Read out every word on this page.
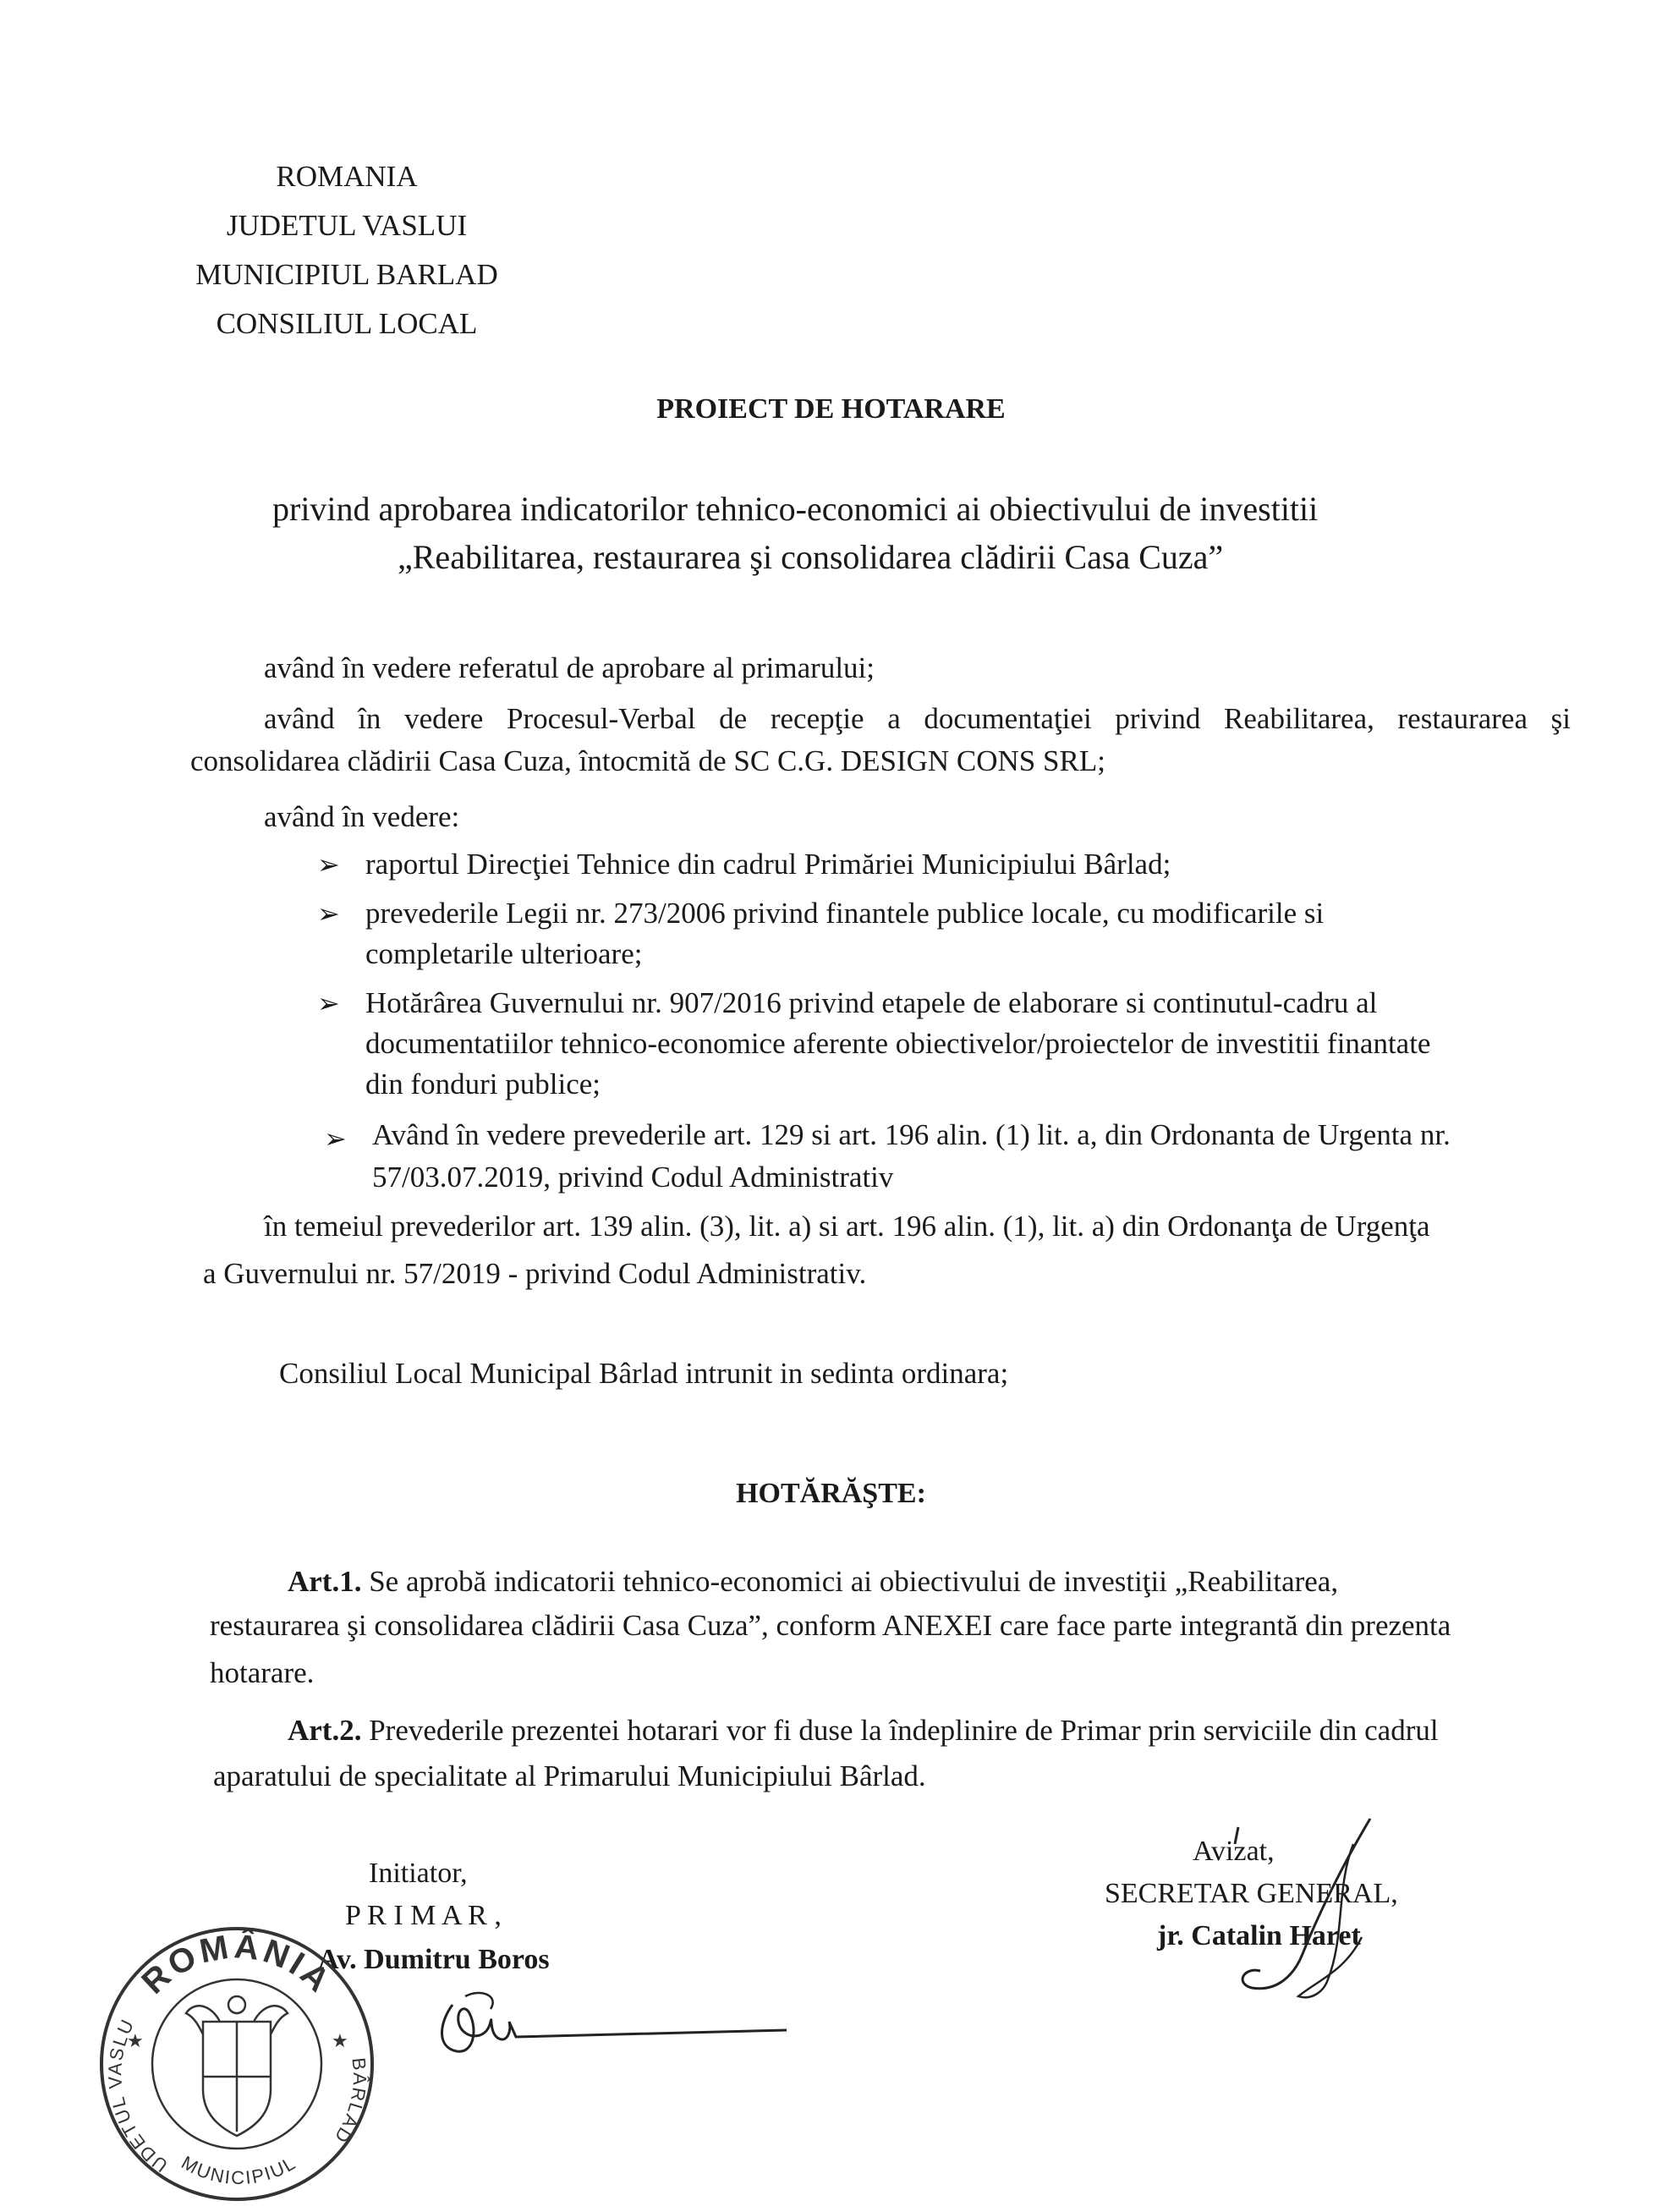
ROMANIA
JUDETUL VASLUI
MUNICIPIUL BARLAD
CONSILIUL LOCAL
PROIECT DE HOTARARE
privind aprobarea indicatorilor tehnico-economici ai obiectivului de investitii
„Reabilitarea, restaurarea şi consolidarea clădirii Casa Cuza”
având în vedere referatul de aprobare al primarului;
având în vedere Procesul-Verbal de recepţie a documentaţiei privind Reabilitarea, restaurarea şi
consolidarea clădirii Casa Cuza, întocmită de SC C.G. DESIGN CONS SRL;
având în vedere:
➢ raportul Direcţiei Tehnice din cadrul Primăriei Municipiului Bârlad;
➢ prevederile Legii nr. 273/2006 privind finantele publice locale, cu modificarile si
completarile ulterioare;
➢ Hotărârea Guvernului nr. 907/2016 privind etapele de elaborare si continutul-cadru al
documentatiilor tehnico-economice aferente obiectivelor/proiectelor de investitii finantate
din fonduri publice;
➢ Având în vedere prevederile art. 129 si art. 196 alin. (1) lit. a, din Ordonanta de Urgenta nr.
57/03.07.2019, privind Codul Administrativ
în temeiul prevederilor art. 139 alin. (3), lit. a) si art. 196 alin. (1), lit. a) din Ordonanţa de Urgenţa
a Guvernului nr. 57/2019 - privind Codul Administrativ.
Consiliul Local Municipal Bârlad intrunit in sedinta ordinara;
HOTĂRĂŞTE:
Art.1. Se aprobă indicatorii tehnico-economici ai obiectivului de investiţii „Reabilitarea,
restaurarea şi consolidarea clădirii Casa Cuza”, conform ANEXEI care face parte integrantă din prezenta
hotarare.
Art.2. Prevederile prezentei hotarari vor fi duse la îndeplinire de Primar prin serviciile din cadrul
aparatului de specialitate al Primarului Municipiului Bârlad.
Initiator,
P R I M A R ,
Av. Dumitru Boros
Avizat,
SECRETAR GENERAL,
jr. Catalin Haret
ROMÂNIA
UDETUL VASLU
BÂRLAD
MUNICIPIUL
★	★
